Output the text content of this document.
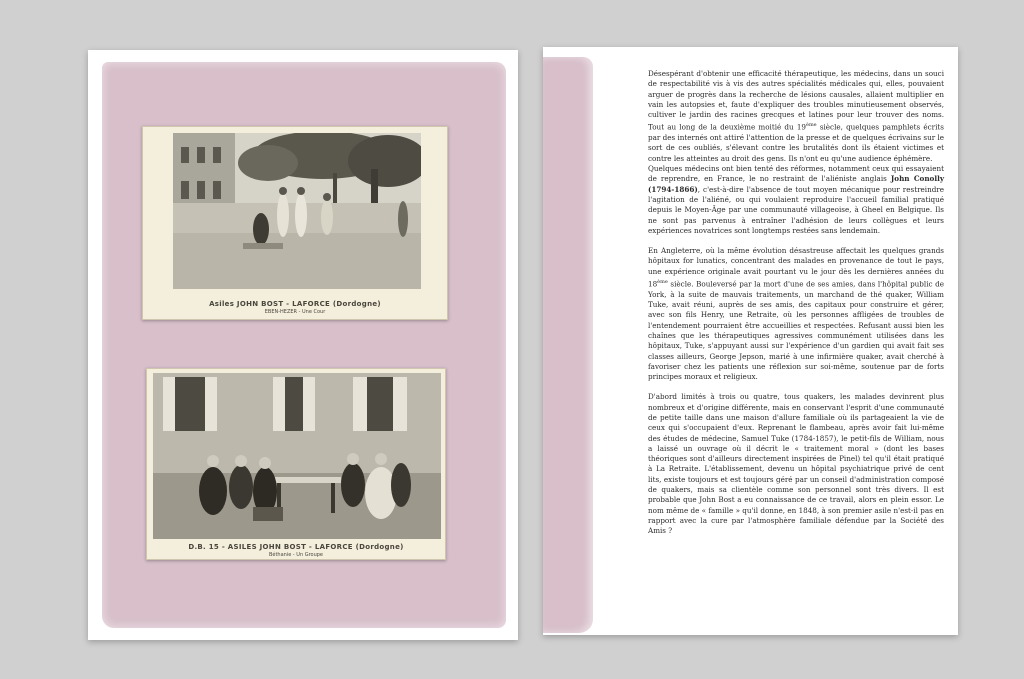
Asiles JOHN BOST - LAFORCE (Dordogne)
EBEN-HEZER - Une Cour
D.B. 15 - ASILES JOHN BOST - LAFORCE (Dordogne)
Béthanie - Un Groupe

Désespérant d'obtenir une efficacité thérapeutique, les médecins, dans un souci de respectabilité vis à vis des autres spécialités médicales qui, elles, pouvaient arguer de progrès dans la recherche de lésions causales, allaient multiplier en vain les autopsies et, faute d'expliquer des troubles minutieusement observés, cultiver le jardin des racines grecques et latines pour leur trouver des noms. Tout au long de la deuxième moitié du 19ème siècle, quelques pamphlets écrits par des internés ont attiré l'attention de la presse et de quelques écrivains sur le sort de ces oubliés, s'élevant contre les brutalités dont ils étaient victimes et contre les atteintes au droit des gens. Ils n'ont eu qu'une audience éphémère.

Quelques médecins ont bien tenté des réformes, notamment ceux qui essayaient de reprendre, en France, le no restraint de l'aliéniste anglais John Conolly (1794-1866), c'est-à-dire l'absence de tout moyen mécanique pour restreindre l'agitation de l'aliéné, ou qui voulaient reproduire l'accueil familial pratiqué depuis le Moyen-Âge par une communauté villageoise, à Gheel en Belgique. Ils ne sont pas parvenus à entraîner l'adhésion de leurs collègues et leurs expériences novatrices sont longtemps restées sans lendemain.

En Angleterre, où la même évolution désastreuse affectait les quelques grands hôpitaux for lunatics, concentrant des malades en provenance de tout le pays, une expérience originale avait pourtant vu le jour dès les dernières années du 18ème siècle. Bouleversé par la mort d'une de ses amies, dans l'hôpital public de York, à la suite de mauvais traitements, un marchand de thé quaker, William Tuke, avait réuni, auprès de ses amis, des capitaux pour construire et gérer, avec son fils Henry, une Retraite, où les personnes affligées de troubles de l'entendement pourraient être accueillies et respectées. Refusant aussi bien les chaînes que les thérapeutiques agressives communément utilisées dans les hôpitaux, Tuke, s'appuyant aussi sur l'expérience d'un gardien qui avait fait ses classes ailleurs, George Jepson, marié à une infirmière quaker, avait cherché à favoriser chez les patients une réflexion sur soi-même, soutenue par de forts principes moraux et religieux.

D'abord limités à trois ou quatre, tous quakers, les malades devinrent plus nombreux et d'origine différente, mais en conservant l'esprit d'une communauté de petite taille dans une maison d'allure familiale où ils partageaient la vie de ceux qui s'occupaient d'eux. Reprenant le flambeau, après avoir fait lui-même des études de médecine, Samuel Tuke (1784-1857), le petit-fils de William, nous a laissé un ouvrage où il décrit le « traitement moral » (dont les bases théoriques sont d'ailleurs directement inspirées de Pinel) tel qu'il était pratiqué à La Retraite. L'établissement, devenu un hôpital psychiatrique privé de cent lits, existe toujours et est toujours géré par un conseil d'administration composé de quakers, mais sa clientèle comme son personnel sont très divers. Il est probable que John Bost a eu connaissance de ce travail, alors en plein essor. Le nom même de « famille » qu'il donne, en 1848, à son premier asile n'est-il pas en rapport avec la cure par l'atmosphère familiale défendue par la Société des Amis ?
